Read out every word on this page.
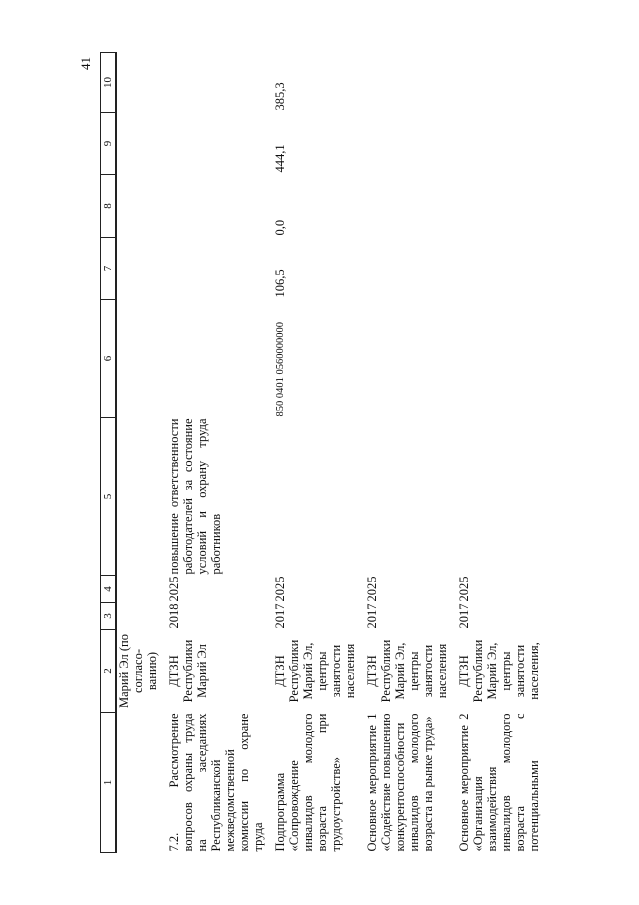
41
1	2	3	4	5	6	7	8	9	10
	Марий Эл (по согласо-ванию)								
7.2. Рассмотрение вопросов охраны труда на заседаниях Республиканской межведомственной комиссии по охране труда	ДТЗН Республики Марий Эл	2018	2025	повышение ответственности работодателей за состояние условий и охрану труда работников					
Подпрограмма «Сопровождение инвалидов молодого возраста при трудоустройстве»	ДТЗН Республики Марий Эл, центры занятости населения	2017	2025		850 0401 0560000000	106,5	0,0	444,1	385,3
Основное мероприятие 1 «Содействие повышению конкурентоспособности инвалидов молодого возраста на рынке труда»	ДТЗН Республики Марий Эл, центры занятости населения	2017	2025						
Основное мероприятие 2 «Организация взаимодействия инвалидов молодого возраста с потенциальными	ДТЗН Республики Марий Эл, центры занятости населения,	2017	2025						
